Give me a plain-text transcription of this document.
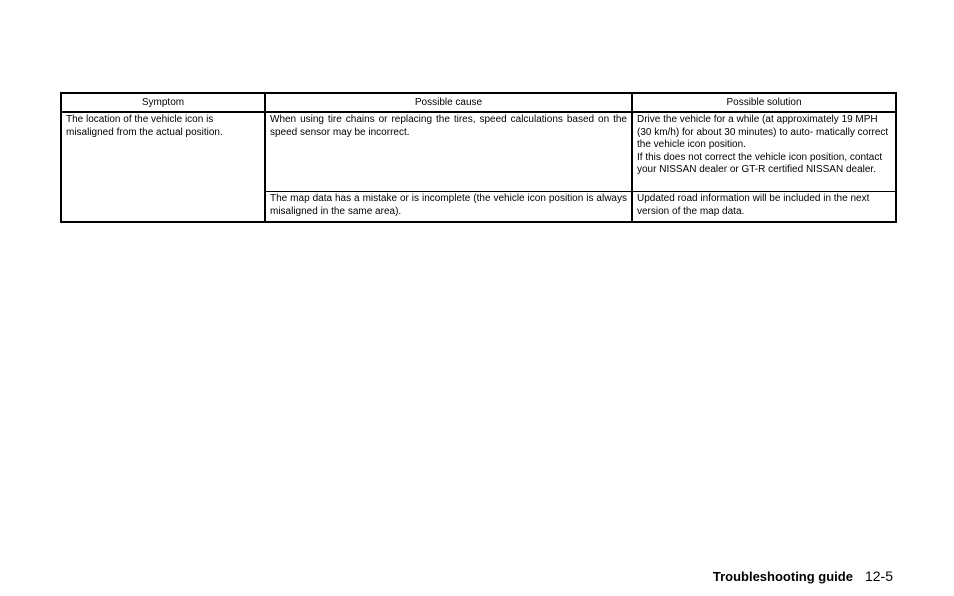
Symptom	Possible cause	Possible solution
The location of the vehicle icon is misaligned from the actual position.	When using tire chains or replacing the tires, speed calculations based on the speed sensor may be incorrect.	Drive the vehicle for a while (at approximately 19 MPH (30 km/h) for about 30 minutes) to auto- matically correct the vehicle icon position.
If this does not correct the vehicle icon position, contact your NISSAN dealer or GT-R certified NISSAN dealer.

	The map data has a mistake or is incomplete (the vehicle icon position is always misaligned in the same area).	Updated road information will be included in the next version of the map data.
Troubleshooting guide 12-5
